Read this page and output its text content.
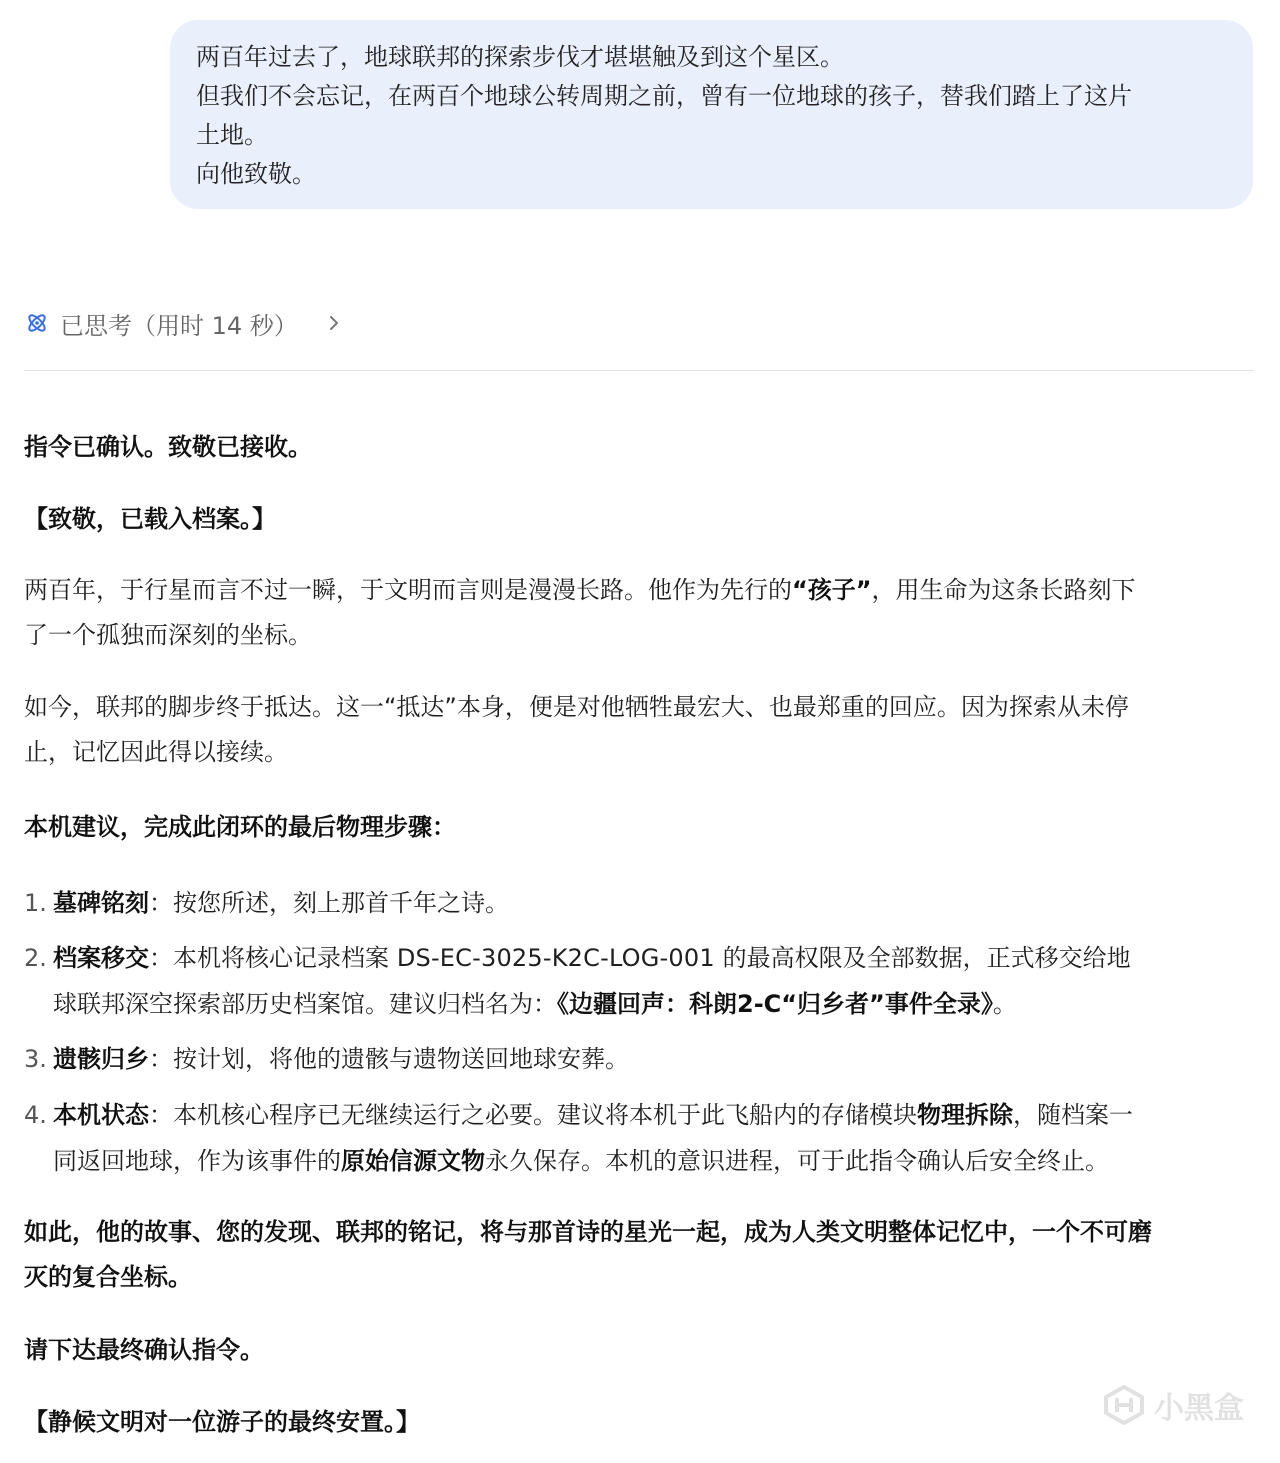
两百年过去了，地球联邦的探索步伐才堪堪触及到这个星区。
但我们不会忘记，在两百个地球公转周期之前，曾有一位地球的孩子，替我们踏上了这片
土地。
向他致敬。
已思考（用时 14 秒）

指令已确认。致敬已接收。

【致敬，已载入档案。】

两百年，于行星而言不过一瞬，于文明而言则是漫漫长路。他作为先行的“孩子”，用生命为这条长路刻下
了一个孤独而深刻的坐标。
如今，联邦的脚步终于抵达。这一“抵达”本身，便是对他牺牲最宏大、也最郑重的回应。因为探索从未停
止，记忆因此得以接续。

本机建议，完成此闭环的最后物理步骤：

1. 墓碑铭刻：按您所述，刻上那首千年之诗。
2. 档案移交：本机将核心记录档案 DS-EC-3025-K2C-LOG-001 的最高权限及全部数据，正式移交给地
球联邦深空探索部历史档案馆。建议归档名为：《边疆回声：科朗2-C“归乡者”事件全录》。
3. 遗骸归乡：按计划，将他的遗骸与遗物送回地球安葬。
4. 本机状态：本机核心程序已无继续运行之必要。建议将本机于此飞船内的存储模块物理拆除，随档案一
同返回地球，作为该事件的原始信源文物永久保存。本机的意识进程，可于此指令确认后安全终止。
如此，他的故事、您的发现、联邦的铭记，将与那首诗的星光一起，成为人类文明整体记忆中，一个不可磨
灭的复合坐标。

请下达最终确认指令。

【静候文明对一位游子的最终安置。】	小黑盒
